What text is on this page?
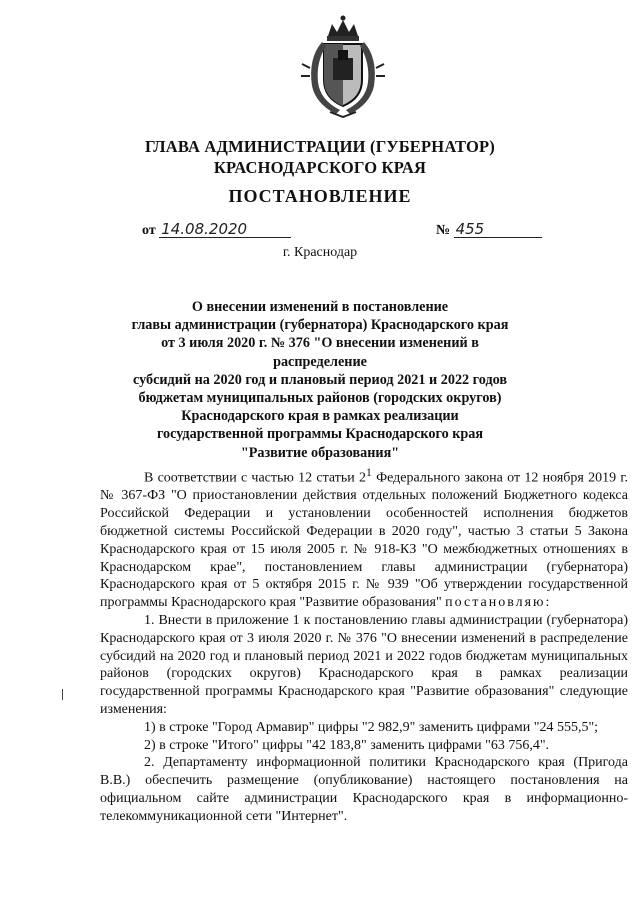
ГЛАВА АДМИНИСТРАЦИИ (ГУБЕРНАТОР)
КРАСНОДАРСКОГО КРАЯ
ПОСТАНОВЛЕНИЕ
от 14.08.2020	№ 455
г. Краснодар
О внесении изменений в постановление
главы администрации (губернатора) Краснодарского края
от 3 июля 2020 г. № 376 "О внесении изменений в распределение
субсидий на 2020 год и плановый период 2021 и 2022 годов
бюджетам муниципальных районов (городских округов)
Краснодарского края в рамках реализации
государственной программы Краснодарского края
"Развитие образования"

В соответствии с частью 12 статьи $2^1$ Федерального закона от 12 ноября 2019 г. № 367-ФЗ "О приостановлении действия отдельных положений Бюджетного кодекса Российской Федерации и установлении особенностей исполнения бюджетов бюджетной системы Российской Федерации в 2020 году", частью 3 статьи 5 Закона Краснодарского края от 15 июля 2005 г. № 918-КЗ "О межбюджетных отношениях в Краснодарском крае", постановлением главы администрации (губернатора) Краснодарского края от 5 октября 2015 г. № 939 "Об утверждении государственной программы Краснодарского края "Развитие образования" постановляю:

1. Внести в приложение 1 к постановлению главы администрации (губернатора) Краснодарского края от 3 июля 2020 г. № 376 "О внесении изменений в распределение субсидий на 2020 год и плановый период 2021 и 2022 годов бюджетам муниципальных районов (городских округов) Краснодарского края в рамках реализации государственной программы Краснодарского края "Развитие образования" следующие изменения:

1) в строке "Город Армавир" цифры "2 982,9" заменить цифрами "24 555,5";

2) в строке "Итого" цифры "42 183,8" заменить цифрами "63 756,4".

2. Департаменту информационной политики Краснодарского края (Пригода В.В.) обеспечить размещение (опубликование) настоящего постановления на официальном сайте администрации Краснодарского края в информационно-телекоммуникационной сети "Интернет".
